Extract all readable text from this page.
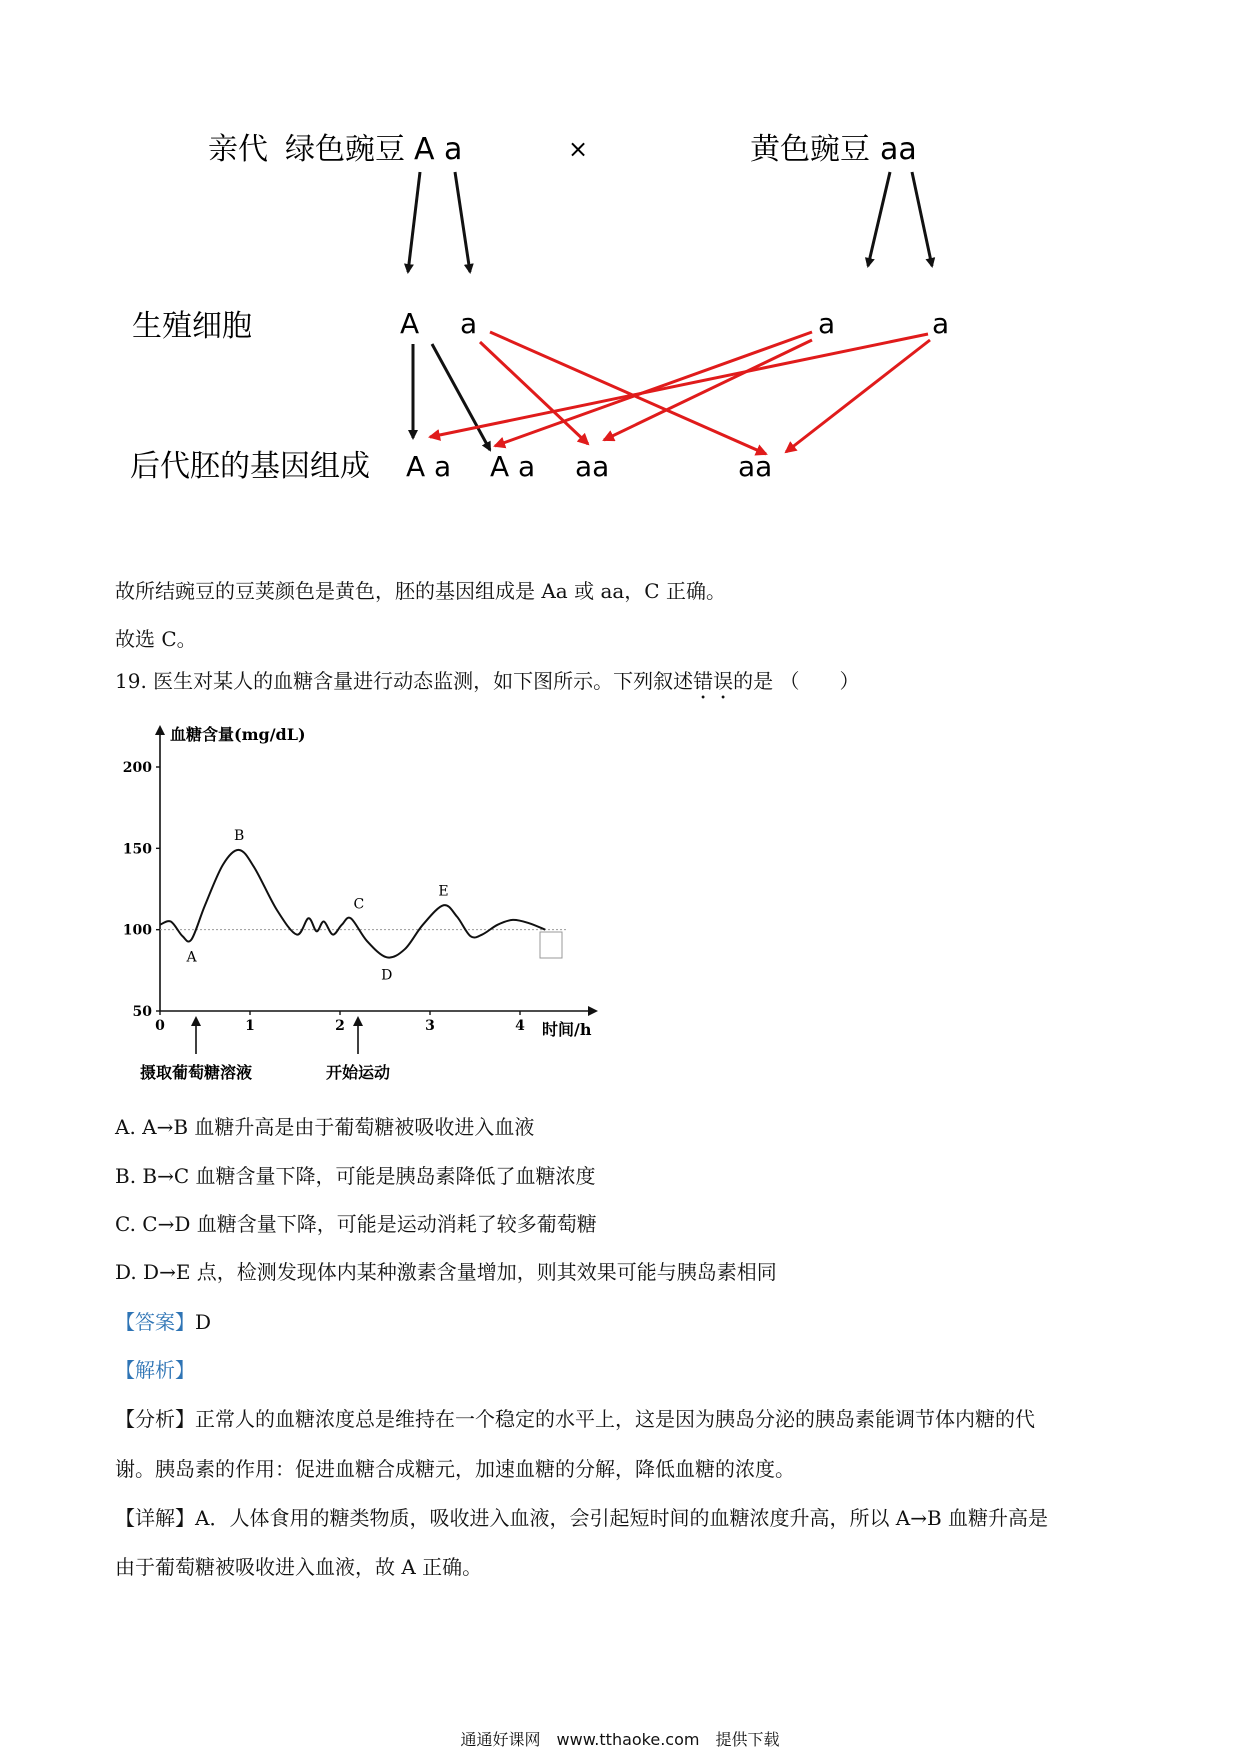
亲代 绿色豌豆 A a	×	黄色豌豆 aa
生殖细胞	A a	a	a
后代胚的基因组成 A a A a aa	aa
故所结豌豆的豆荚颜色是黄色，胚的基因组成是 Aa 或 aa，C 正确。
故选 C。
19. 医生对某人的血糖含量进行动态监测，如下图所示。下列叙述错误的是 （　　）
血糖含量(mg/dL)
时间/h
50
100
150
200
0	1	2	3	4
A
B
C
D
E
摄取葡萄糖溶液	开始运动
A. A→B 血糖升高是由于葡萄糖被吸收进入血液
B. B→C 血糖含量下降，可能是胰岛素降低了血糖浓度
C. C→D 血糖含量下降，可能是运动消耗了较多葡萄糖
D. D→E 点，检测发现体内某种激素含量增加，则其效果可能与胰岛素相同
【答案】D
【解析】
【分析】正常人的血糖浓度总是维持在一个稳定的水平上，这是因为胰岛分泌的胰岛素能调节体内糖的代
谢。胰岛素的作用：促进血糖合成糖元，加速血糖的分解，降低血糖的浓度。
【详解】A．人体食用的糖类物质，吸收进入血液，会引起短时间的血糖浓度升高，所以 A→B 血糖升高是
由于葡萄糖被吸收进入血液，故 A 正确。
通通好课网　www.tthaoke.com　提供下载
